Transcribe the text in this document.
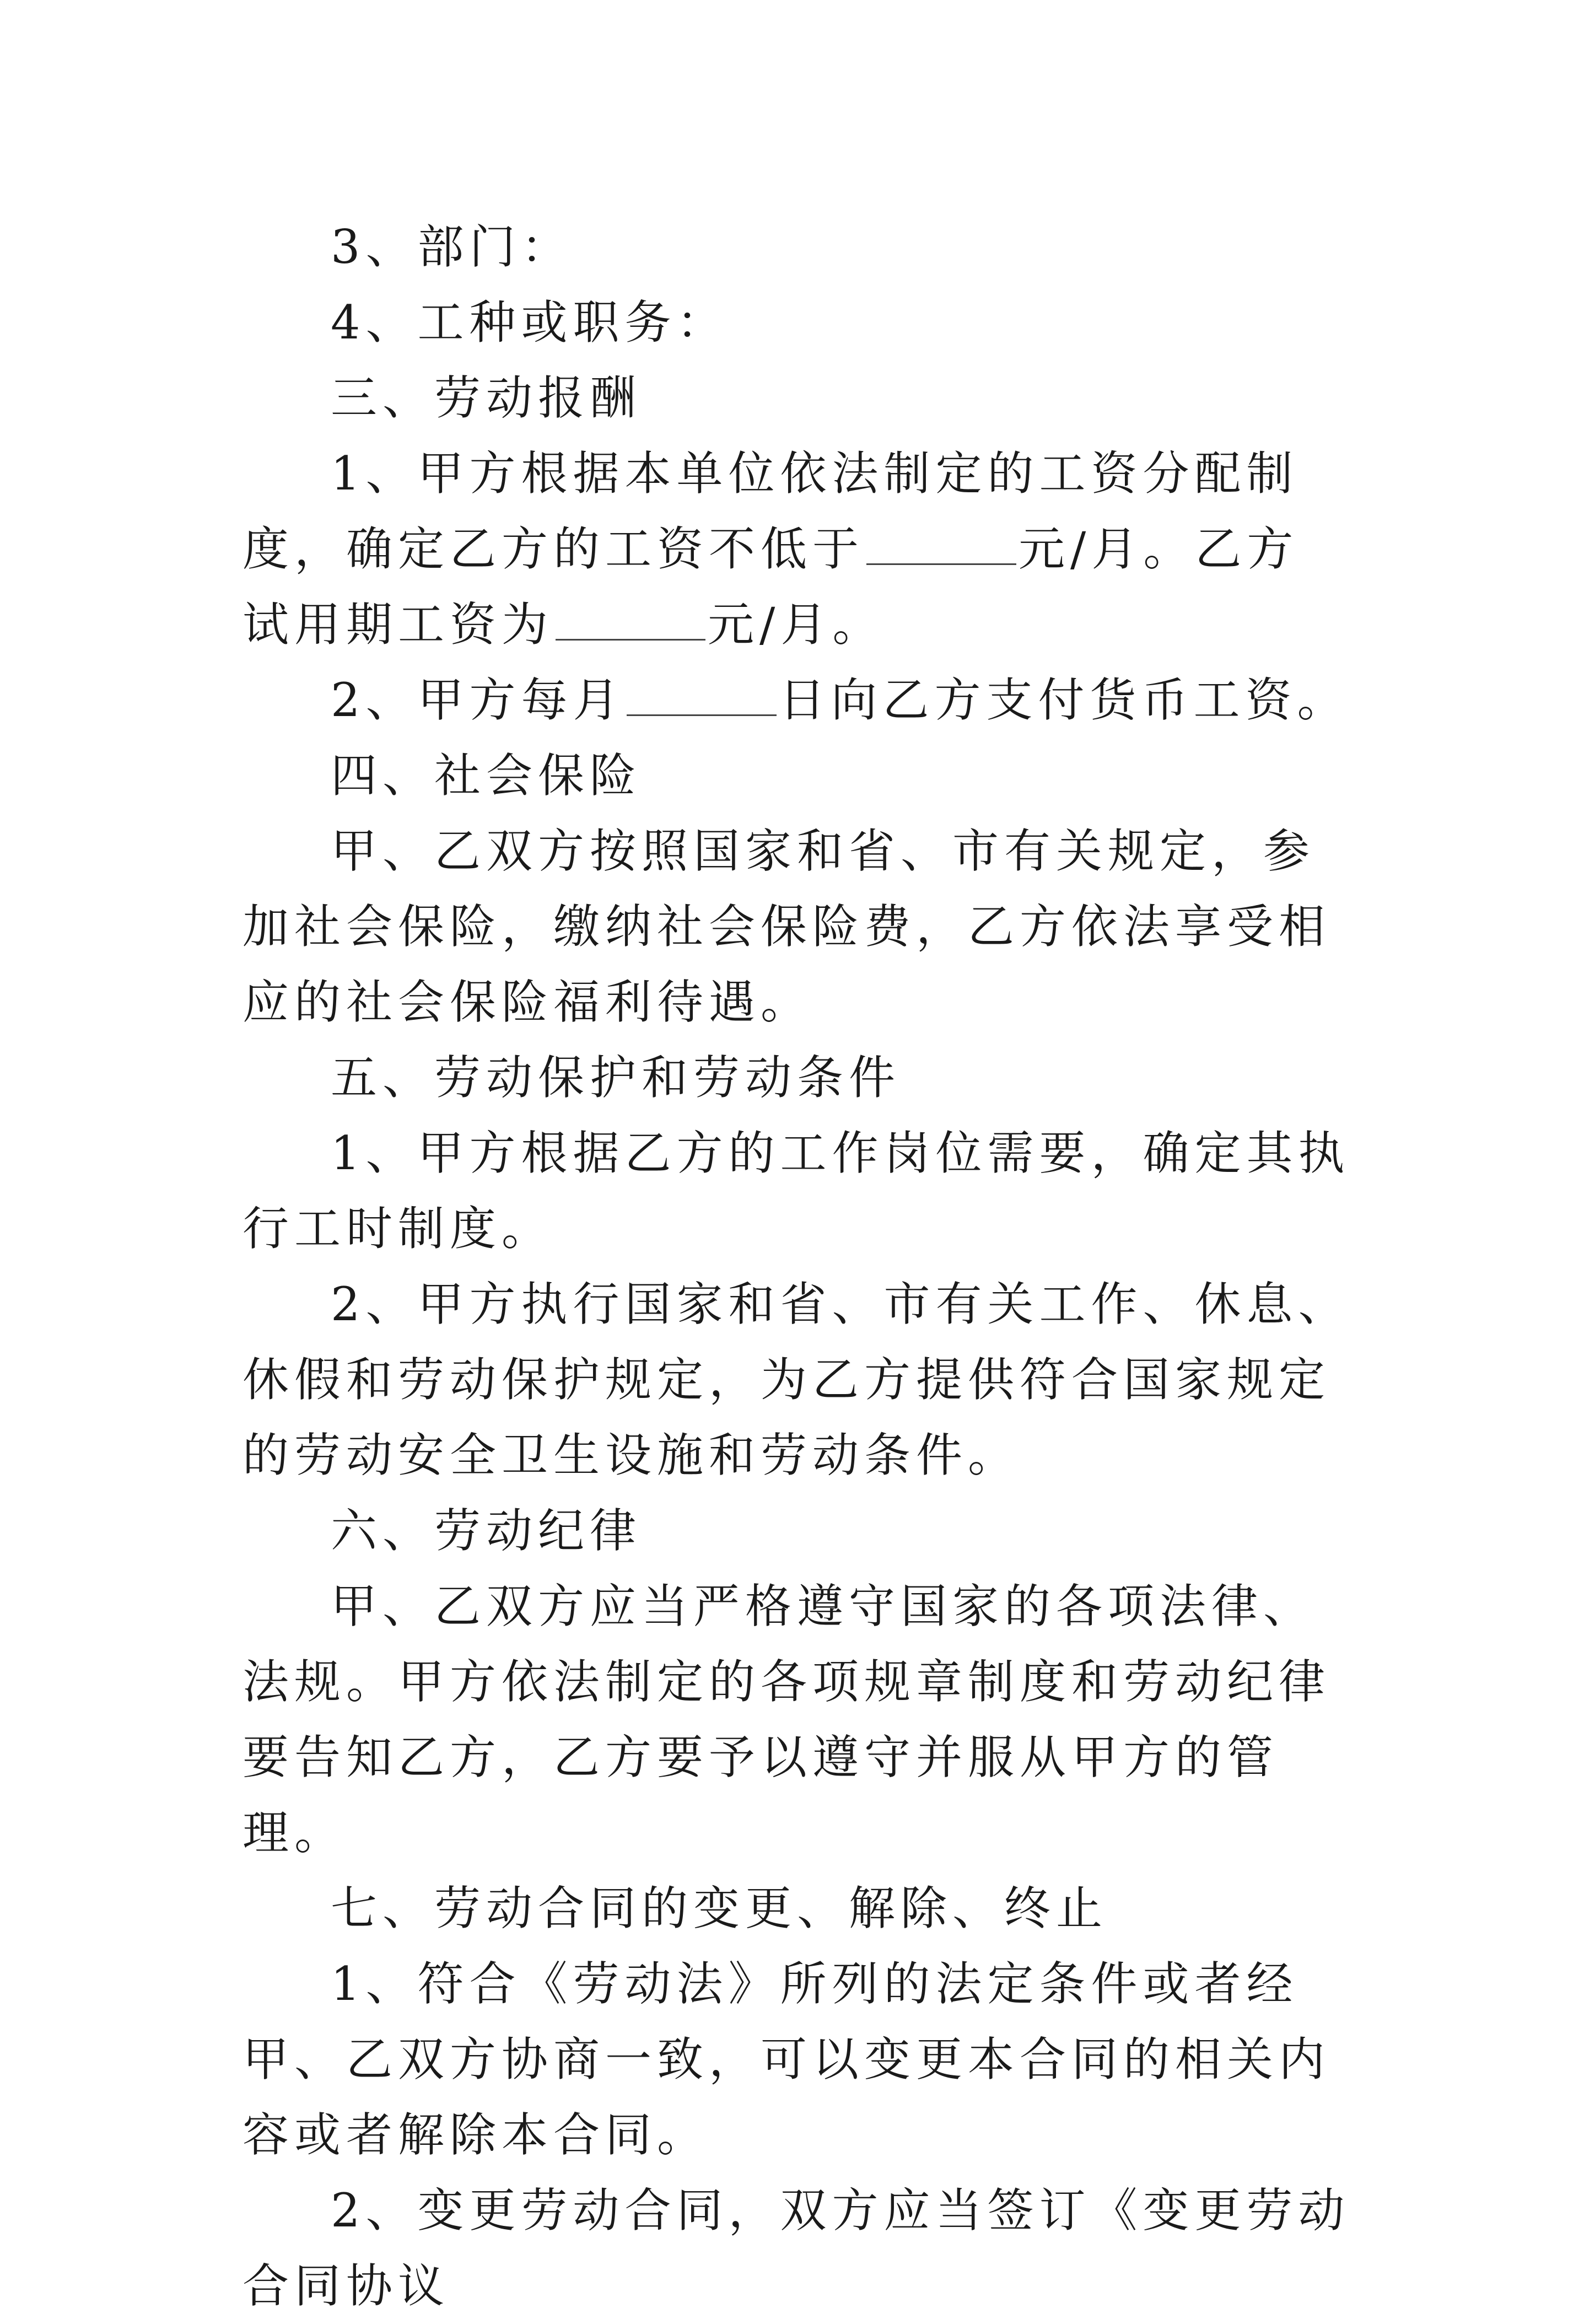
3、部门：

4、工种或职务：

三、劳动报酬

1、甲方根据本单位依法制定的工资分配制度，确定乙方的工资不低于	元/月。乙方试用期工资为	元/月。

2、甲方每月	日向乙方支付货币工资。

四、社会保险

甲、乙双方按照国家和省、市有关规定，参加社会保险，缴纳社会保险费，乙方依法享受相应的社会保险福利待遇。

五、劳动保护和劳动条件

1、甲方根据乙方的工作岗位需要，确定其执行工时制度。

2、甲方执行国家和省、市有关工作、休息、休假和劳动保护规定，为乙方提供符合国家规定的劳动安全卫生设施和劳动条件。

六、劳动纪律

甲、乙双方应当严格遵守国家的各项法律、法规。甲方依法制定的各项规章制度和劳动纪律要告知乙方，乙方要予以遵守并服从甲方的管理。

七、劳动合同的变更、解除、终止

1、符合《劳动法》所列的法定条件或者经甲、乙双方协商一致，可以变更本合同的相关内容或者解除本合同。

2、变更劳动合同，双方应当签订《变更劳动合同协议
